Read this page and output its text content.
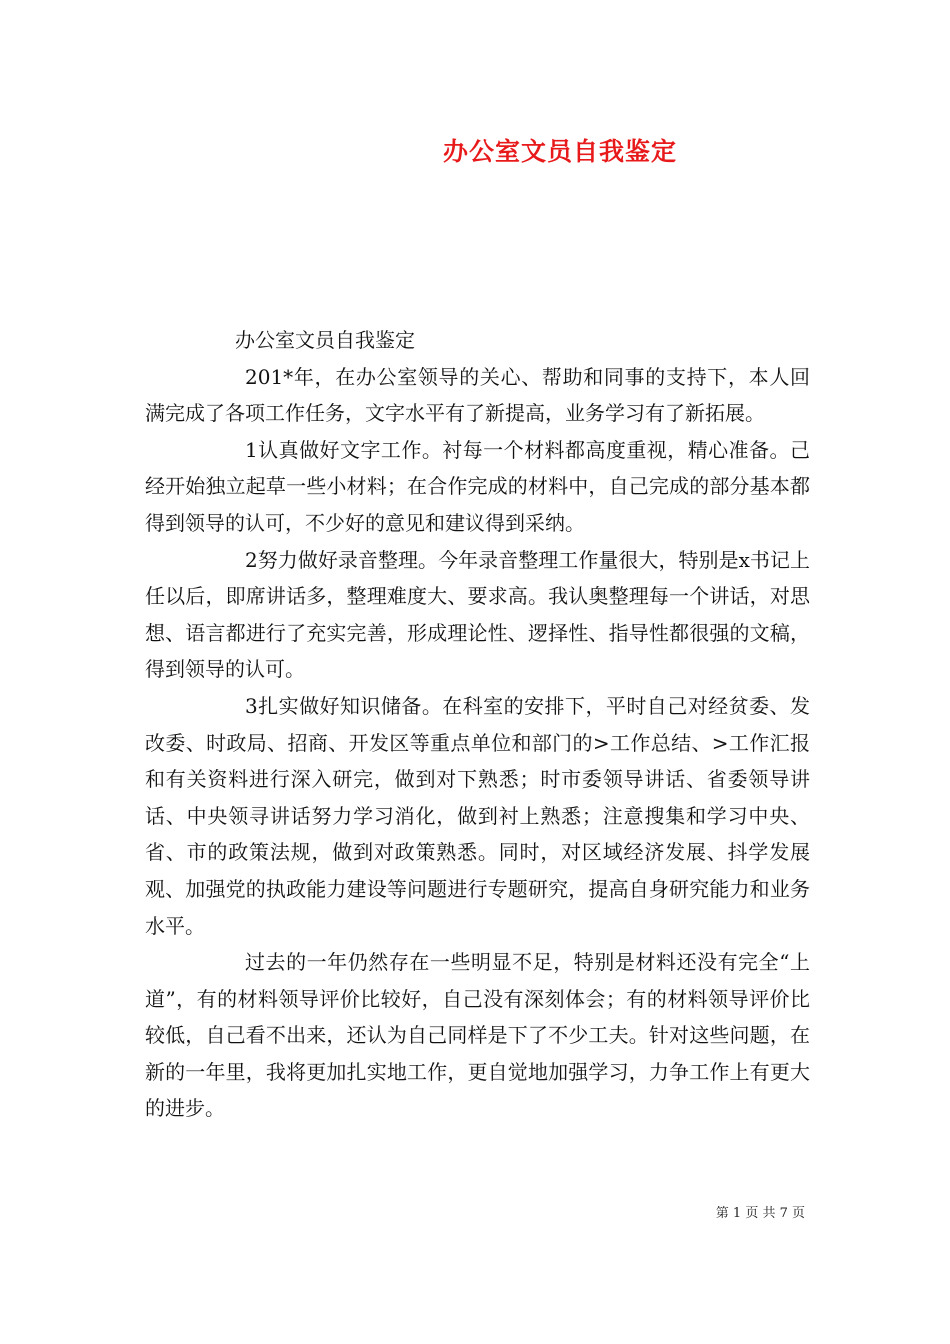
办公室文员自我鉴定

办公室文员自我鉴定

201*年，在办公室领导的关心、帮助和同事的支持下，本人回满完成了各项工作任务，文字水平有了新提高，业务学习有了新拓展。

1认真做好文字工作。衬每一个材料都高度重视，精心准备。己经开始独立起草一些小材料；在合作完成的材料中，自己完成的部分基本都得到领导的认可，不少好的意见和建议得到采纳。

2努力做好录音整理。今年录音整理工作量很大，特别是x书记上任以后，即席讲话多，整理难度大、要求高。我认奥整理每一个讲话，对思想、语言都进行了充实完善，形成理论性、逻择性、指导性都很强的文稿，得到领导的认可。

3扎实做好知识储备。在科室的安排下，平时自己对经贫委、发改委、时政局、招商、开发区等重点单位和部门的>工作总结、>工作汇报和有关资料进行深入研完，做到对下熟悉；时市委领导讲话、省委领导讲话、中央领寻讲话努力学习消化，做到衬上熟悉；注意搜集和学习中央、省、市的政策法规，做到对政策熟悉。同时，对区域经济发展、抖学发展观、加强党的执政能力建设等问题进行专题研究，提高自身研究能力和业务水平。

过去的一年仍然存在一些明显不足，特别是材料还没有完全“上道”，有的材料领导评价比较好，自己没有深刻体会；有的材料领导评价比较低，自己看不出来，还认为自己同样是下了不少工夫。针对这些问题，在新的一年里，我将更加扎实地工作，更自觉地加强学习，力争工作上有更大的进步。

第 1 页 共 7 页
